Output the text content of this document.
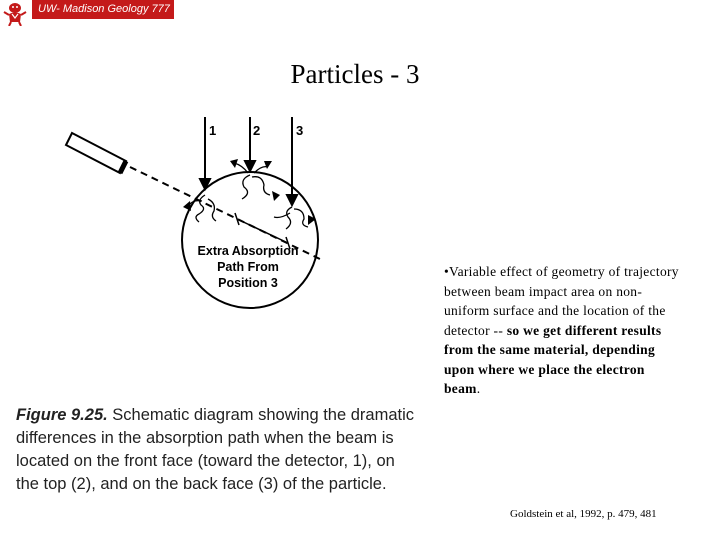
UW- Madison Geology 777
Particles - 3
1	2	3
Extra Absorption
Path From
Position 3
Figure 9.25. Schematic diagram showing the dramatic differences in the absorption path when the beam is located on the front face (toward the detector, 1), on the top (2), and on the back face (3) of the particle.
•Variable effect of geometry of trajectory between beam impact area on non-uniform surface and the location of the detector -- so we get different results from the same material, depending upon where we place the electron beam.
Goldstein et al, 1992, p. 479, 481
